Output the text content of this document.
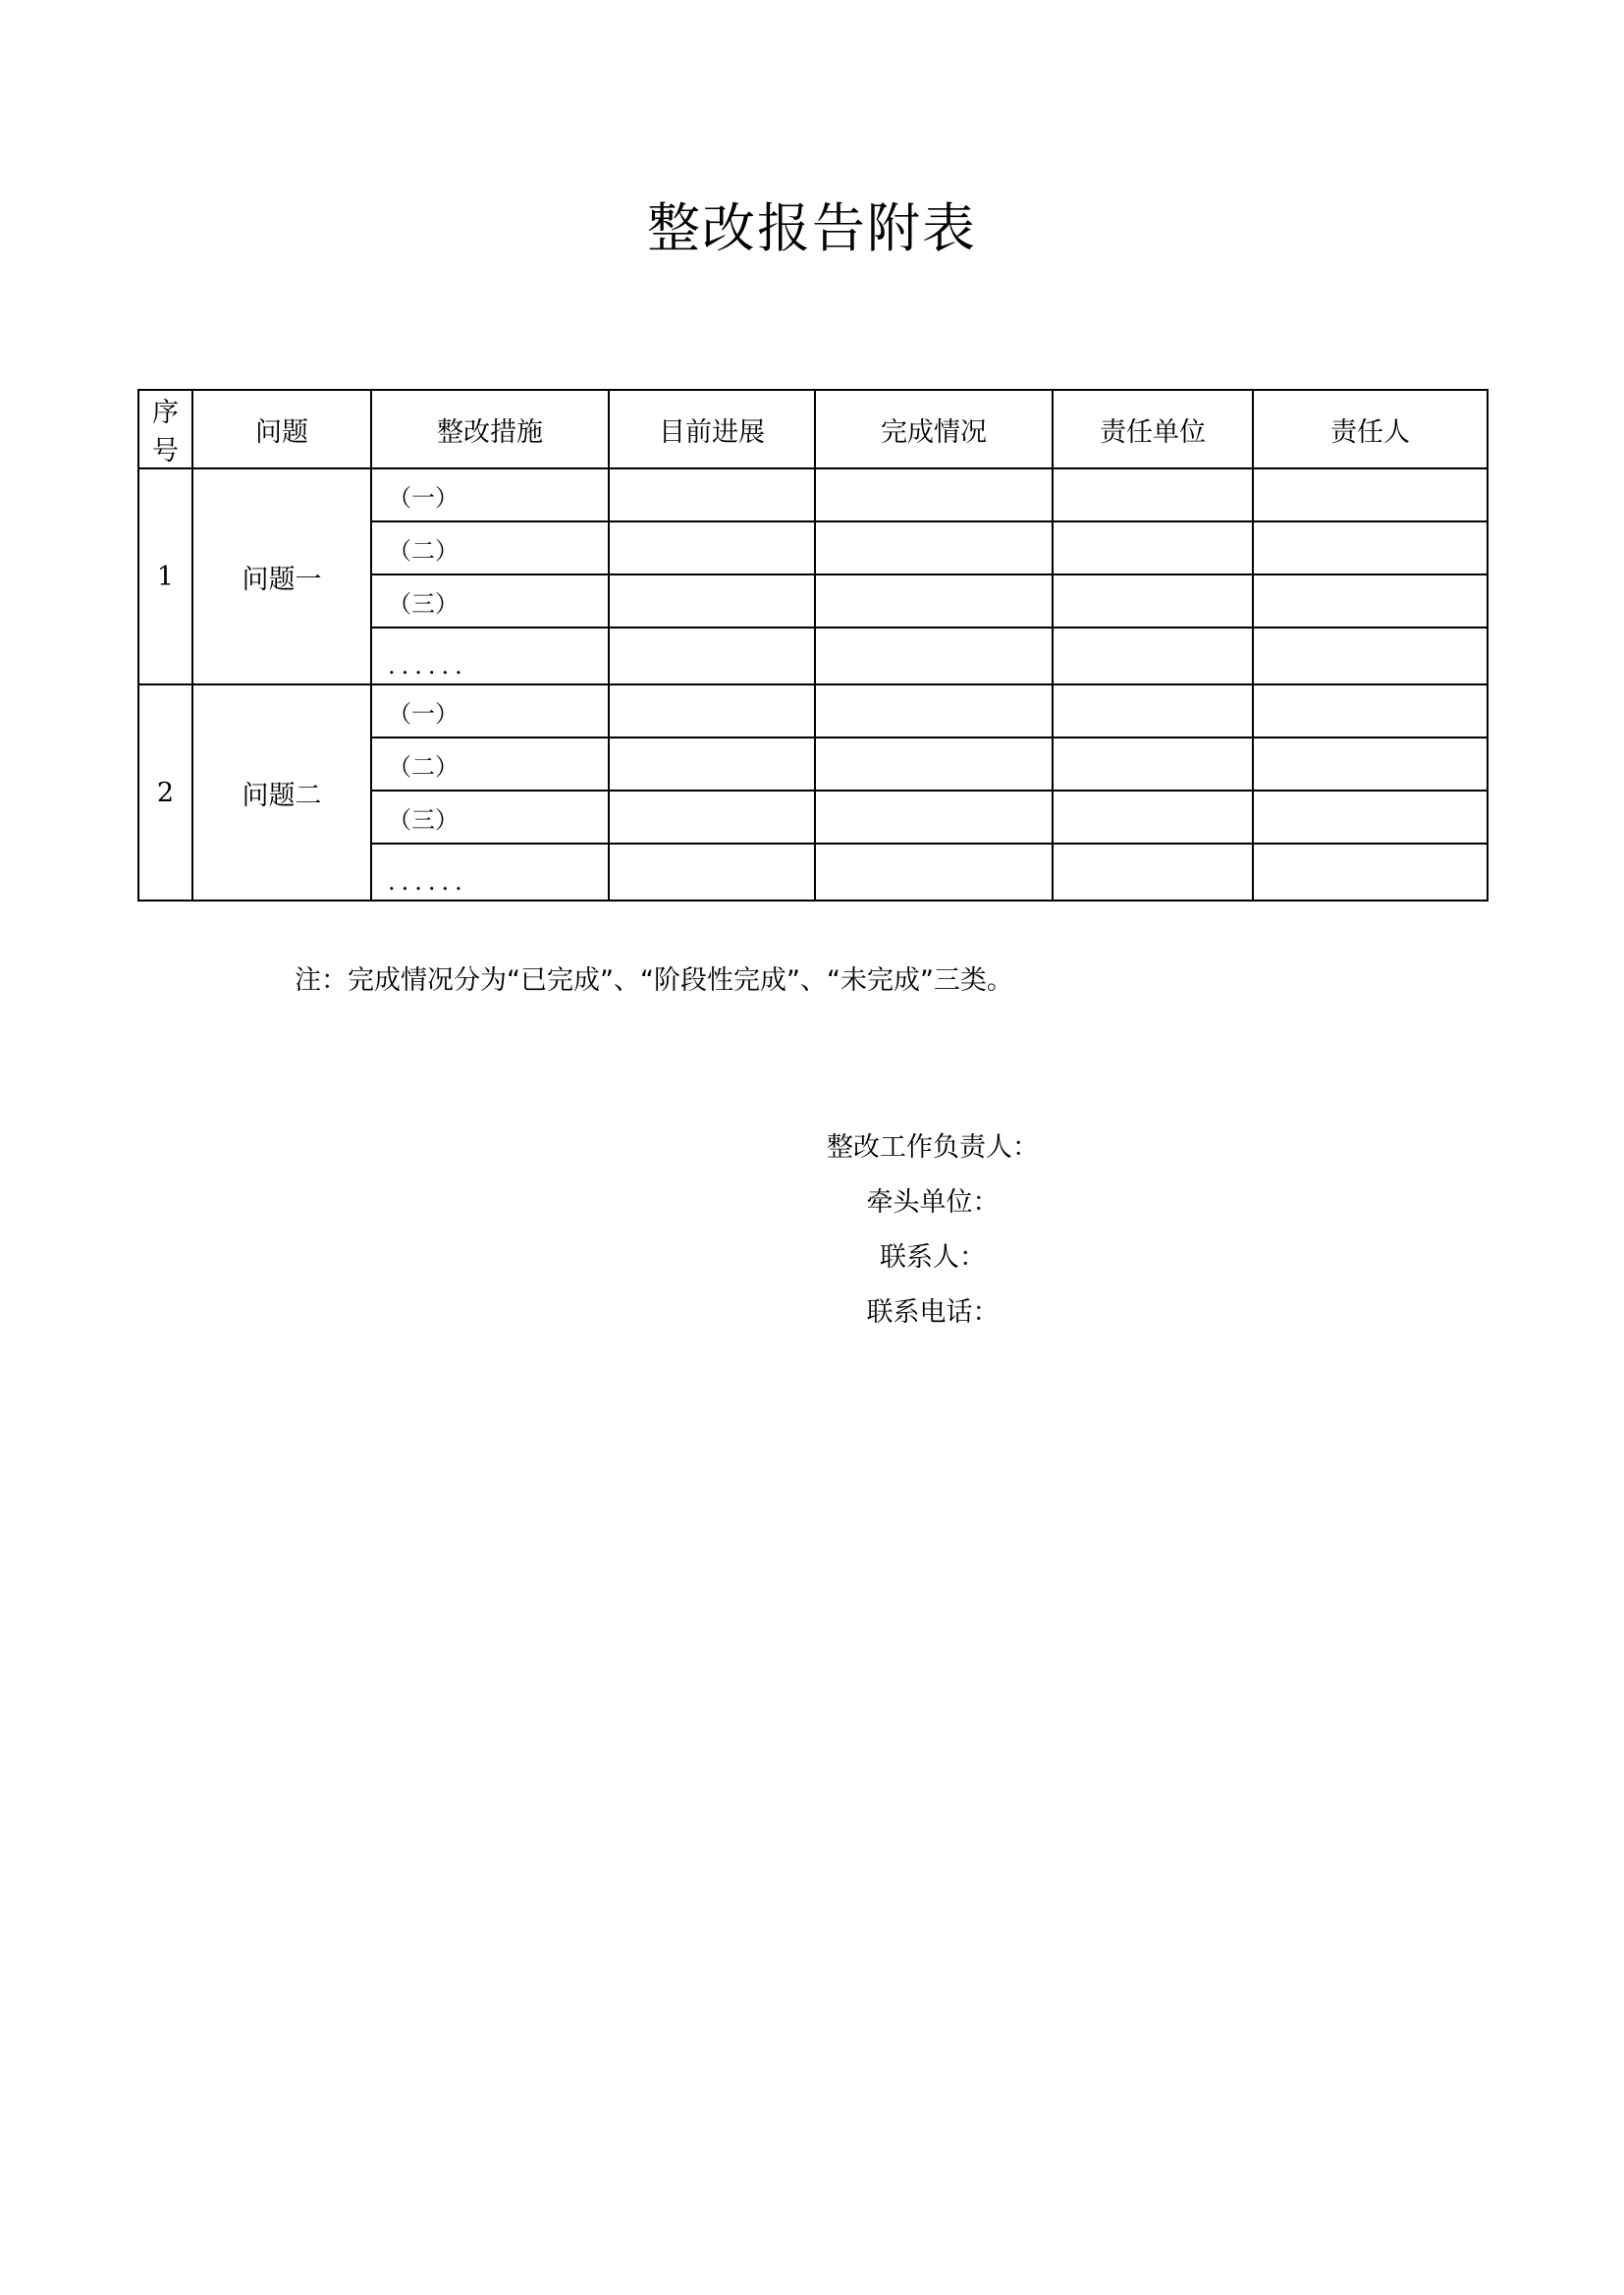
整改报告附表
序号	问题	整改措施	目前进展	完成情况	责任单位	责任人
1	问题一	（一）				
		（二）				
		（三）				
		......				
2	问题二	（一）				
		（二）				
		（三）				
		......				
注：完成情况分为“已完成”、“阶段性完成”、“未完成”三类。
整改工作负责人：
牵头单位：
联系人：
联系电话：
